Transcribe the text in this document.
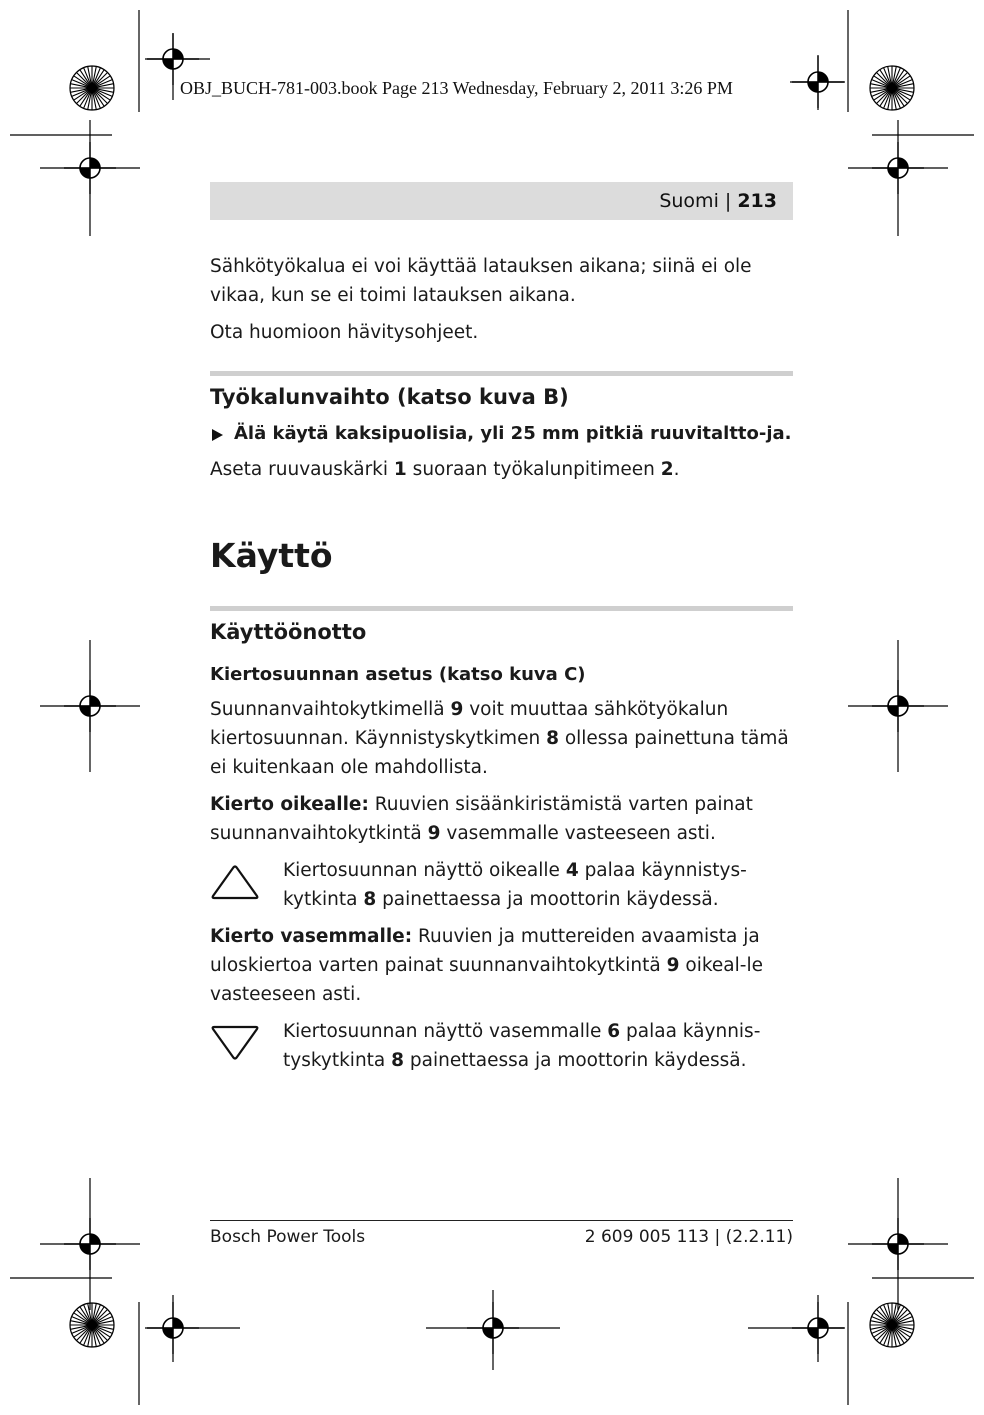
OBJ_BUCH-781-003.book Page 213 Wednesday, February 2, 2011 3:26 PM
Suomi | 213

Sähkötyökalua ei voi käyttää latauksen aikana; siinä ei ole vikaa, kun se ei toimi latauksen aikana.

Ota huomioon hävitysohjeet.

Työkalunvaihto (katso kuva B)
Älä käytä kaksipuolisia, yli 25 mm pitkiä ruuvitaltto-ja.

Aseta ruuvauskärki 1 suoraan työkalunpitimeen 2.

Käyttö
Käyttöönotto
Kiertosuunnan asetus (katso kuva C)

Suunnanvaihtokytkimellä 9 voit muuttaa sähkötyökalun kiertosuunnan. Käynnistyskytkimen 8 ollessa painettuna tämä ei kuitenkaan ole mahdollista.

Kierto oikealle: Ruuvien sisäänkiristämistä varten painat suunnanvaihtokytkintä 9 vasemmalle vasteeseen asti.

Kiertosuunnan näyttö oikealle 4 palaa käynnistys-kytkinta 8 painettaessa ja moottorin käydessä.

Kierto vasemmalle: Ruuvien ja muttereiden avaamista ja uloskiertoa varten painat suunnanvaihtokytkintä 9 oikeal-le vasteeseen asti.

Kiertosuunnan näyttö vasemmalle 6 palaa käynnis-tyskytkinta 8 painettaessa ja moottorin käydessä.
Bosch Power Tools	2 609 005 113 | (2.2.11)
